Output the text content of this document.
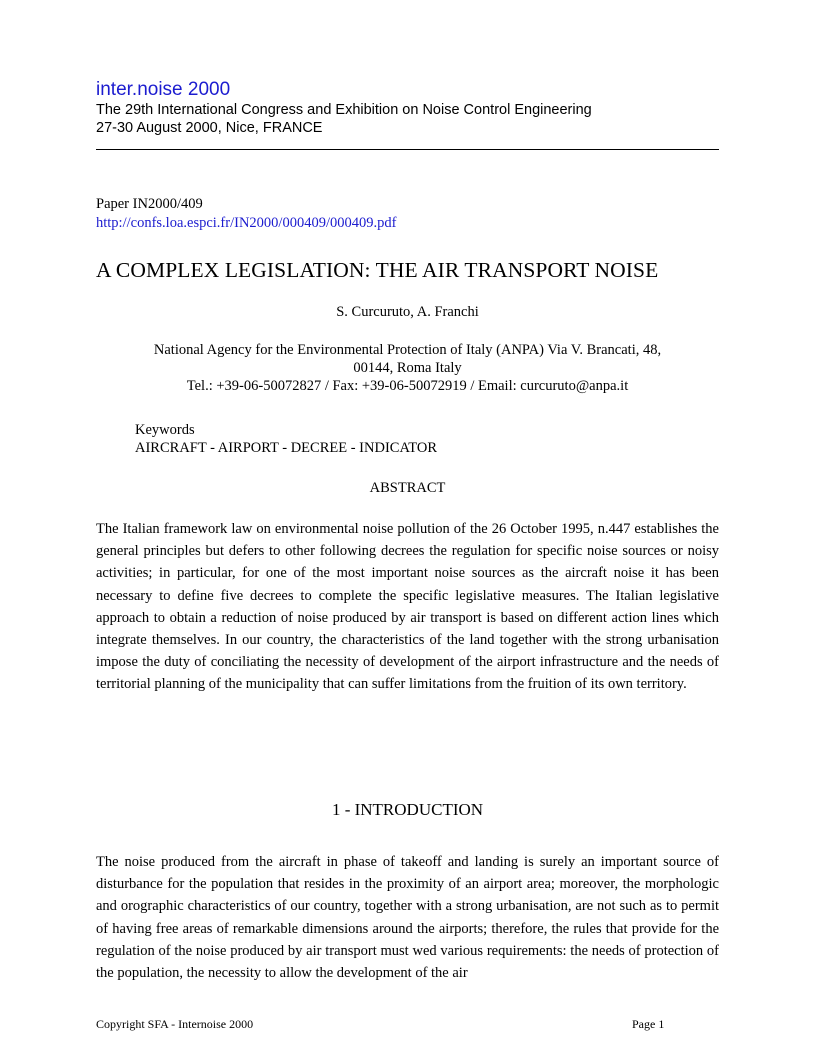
inter.noise 2000
The 29th International Congress and Exhibition on Noise Control Engineering
27-30 August 2000, Nice, FRANCE
Paper IN2000/409
http://confs.loa.espci.fr/IN2000/000409/000409.pdf
A COMPLEX LEGISLATION: THE AIR TRANSPORT NOISE
S. Curcuruto, A. Franchi
National Agency for the Environmental Protection of Italy (ANPA) Via V. Brancati, 48,
00144, Roma Italy
Tel.: +39-06-50072827 / Fax: +39-06-50072919 / Email: curcuruto@anpa.it
Keywords
AIRCRAFT - AIRPORT - DECREE - INDICATOR
ABSTRACT

The Italian framework law on environmental noise pollution of the 26 October 1995, n.447 establishes the general principles but defers to other following decrees the regulation for specific noise sources or noisy activities; in particular, for one of the most important noise sources as the aircraft noise it has been necessary to define five decrees to complete the specific legislative measures. The Italian legislative approach to obtain a reduction of noise produced by air transport is based on different action lines which integrate themselves. In our country, the characteristics of the land together with the strong urbanisation impose the duty of conciliating the necessity of development of the airport infrastructure and the needs of territorial planning of the municipality that can suffer limitations from the fruition of its own territory.

1 - INTRODUCTION

The noise produced from the aircraft in phase of takeoff and landing is surely an important source of disturbance for the population that resides in the proximity of an airport area; moreover, the morphologic and orographic characteristics of our country, together with a strong urbanisation, are not such as to permit of having free areas of remarkable dimensions around the airports; therefore, the rules that provide for the regulation of the noise produced by air transport must wed various requirements: the needs of protection of the population, the necessity to allow the development of the air

Copyright SFA - Internoise 2000	Page 1
